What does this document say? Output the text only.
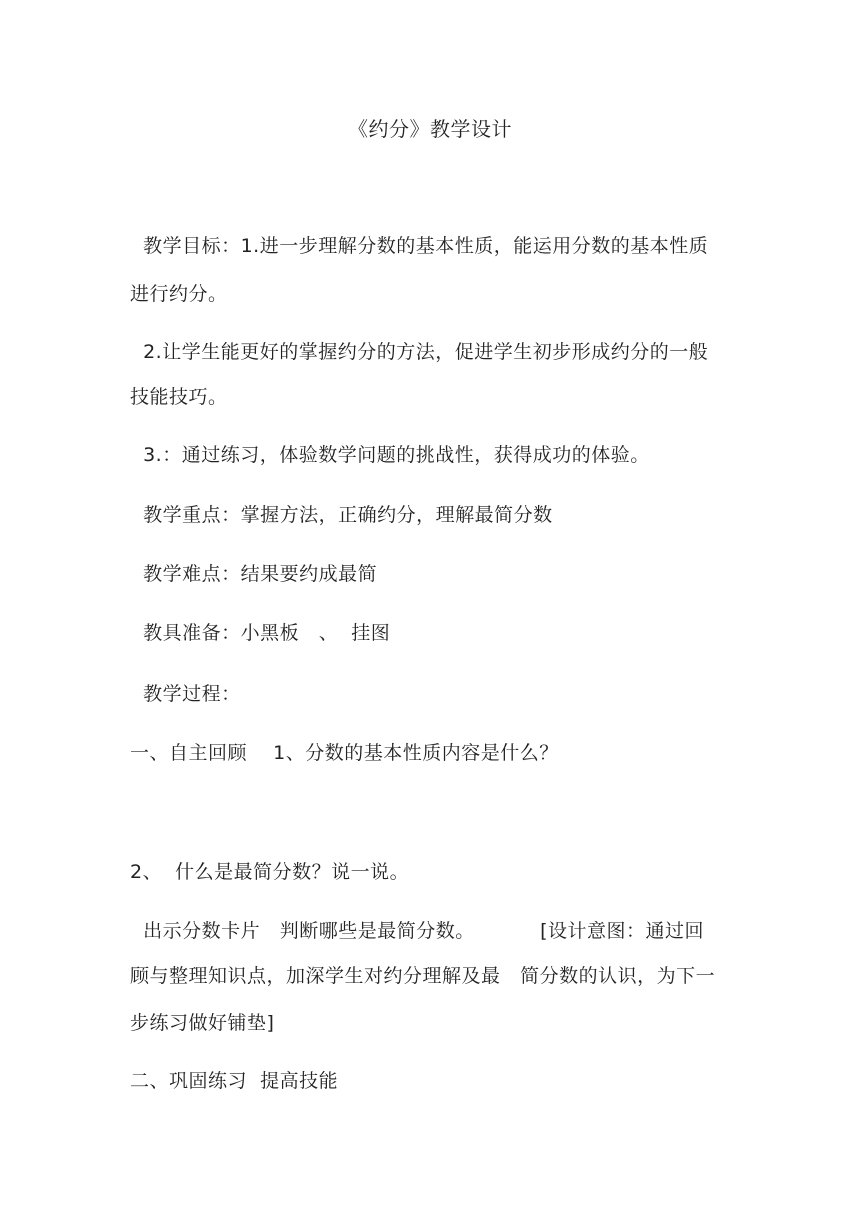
《约分》教学设计
教学目标：1.进一步理解分数的基本性质，能运用分数的基本性质
进行约分。
2.让学生能更好的掌握约分的方法，促进学生初步形成约分的一般
技能技巧。
3.：通过练习，体验数学问题的挑战性，获得成功的体验。
教学重点：掌握方法，正确约分，理解最简分数
教学难点：结果要约成最简
教具准备：小黑板   、  挂图
教学过程：
一、自主回顾    1、分数的基本性质内容是什么？
2、  什么是最简分数？说一说。
出示分数卡片   判断哪些是最简分数。          [设计意图：通过回
顾与整理知识点，加深学生对约分理解及最   简分数的认识，为下一
步练习做好铺垫]
二、巩固练习  提高技能
